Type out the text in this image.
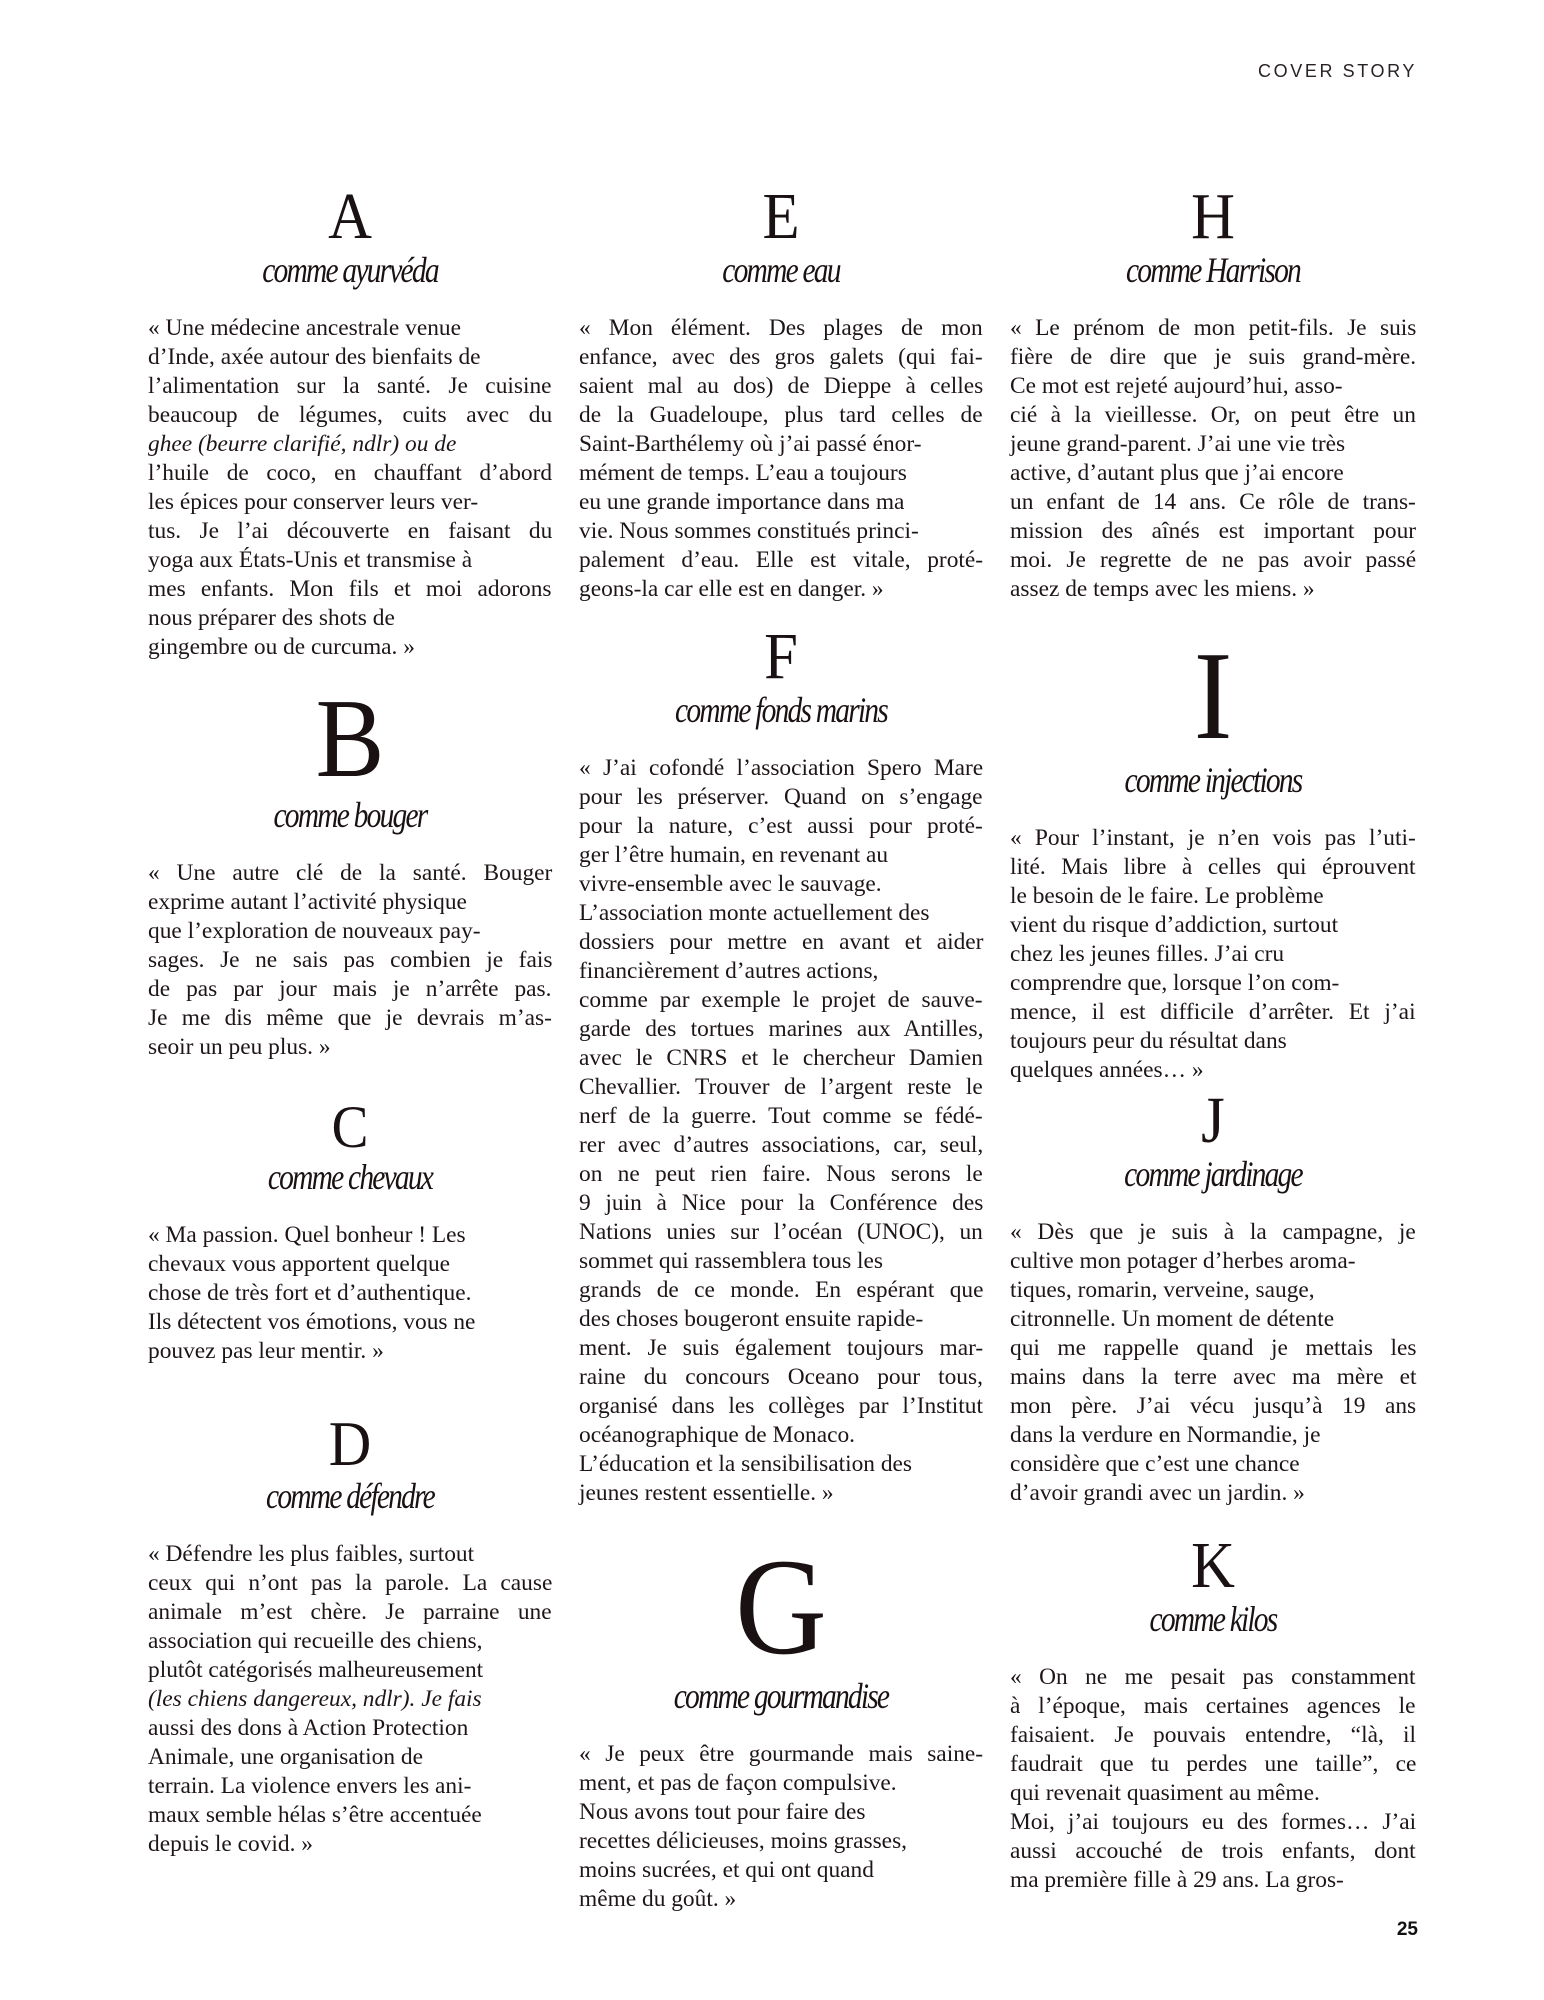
COVER STORY
A
comme ayurvéda
« Une médecine ancestrale venue
d’Inde, axée autour des bienfaits de
l’alimentation sur la santé. Je cuisine
beaucoup de légumes, cuits avec du
ghee (beurre clarifié, ndlr) ou de
l’huile de coco, en chauffant d’abord
les épices pour conserver leurs ver-
tus. Je l’ai découverte en faisant du
yoga aux États-Unis et transmise à
mes enfants. Mon fils et moi adorons
nous préparer des shots de
gingembre ou de curcuma. »
B
comme bouger
« Une autre clé de la santé. Bouger
exprime autant l’activité physique
que l’exploration de nouveaux pay-
sages. Je ne sais pas combien je fais
de pas par jour mais je n’arrête pas.
Je me dis même que je devrais m’as-
seoir un peu plus. »
C
comme chevaux
« Ma passion. Quel bonheur ! Les
chevaux vous apportent quelque
chose de très fort et d’authentique.
Ils détectent vos émotions, vous ne
pouvez pas leur mentir. »
D
comme défendre
« Défendre les plus faibles, surtout
ceux qui n’ont pas la parole. La cause
animale m’est chère. Je parraine une
association qui recueille des chiens,
plutôt catégorisés malheureusement
(les chiens dangereux, ndlr). Je fais
aussi des dons à Action Protection
Animale, une organisation de
terrain. La violence envers les ani-
maux semble hélas s’être accentuée
depuis le covid. »
E
comme eau
« Mon élément. Des plages de mon
enfance, avec des gros galets (qui fai-
saient mal au dos) de Dieppe à celles
de la Guadeloupe, plus tard celles de
Saint-Barthélemy où j’ai passé énor-
mément de temps. L’eau a toujours
eu une grande importance dans ma
vie. Nous sommes constitués princi-
palement d’eau. Elle est vitale, proté-
geons-la car elle est en danger. »
F
comme fonds marins
« J’ai cofondé l’association Spero Mare
pour les préserver. Quand on s’engage
pour la nature, c’est aussi pour proté-
ger l’être humain, en revenant au
vivre-ensemble avec le sauvage.
L’association monte actuellement des
dossiers pour mettre en avant et aider
financièrement d’autres actions,
comme par exemple le projet de sauve-
garde des tortues marines aux Antilles,
avec le CNRS et le chercheur Damien
Chevallier. Trouver de l’argent reste le
nerf de la guerre. Tout comme se fédé-
rer avec d’autres associations, car, seul,
on ne peut rien faire. Nous serons le
9 juin à Nice pour la Conférence des
Nations unies sur l’océan (UNOC), un
sommet qui rassemblera tous les
grands de ce monde. En espérant que
des choses bougeront ensuite rapide-
ment. Je suis également toujours mar-
raine du concours Oceano pour tous,
organisé dans les collèges par l’Institut
océanographique de Monaco.
L’éducation et la sensibilisation des
jeunes restent essentielle. »
G
comme gourmandise
« Je peux être gourmande mais saine-
ment, et pas de façon compulsive.
Nous avons tout pour faire des
recettes délicieuses, moins grasses,
moins sucrées, et qui ont quand
même du goût. »
H
comme Harrison
« Le prénom de mon petit-fils. Je suis
fière de dire que je suis grand-mère.
Ce mot est rejeté aujourd’hui, asso-
cié à la vieillesse. Or, on peut être un
jeune grand-parent. J’ai une vie très
active, d’autant plus que j’ai encore
un enfant de 14 ans. Ce rôle de trans-
mission des aînés est important pour
moi. Je regrette de ne pas avoir passé
assez de temps avec les miens. »
I
comme injections
« Pour l’instant, je n’en vois pas l’uti-
lité. Mais libre à celles qui éprouvent
le besoin de le faire. Le problème
vient du risque d’addiction, surtout
chez les jeunes filles. J’ai cru
comprendre que, lorsque l’on com-
mence, il est difficile d’arrêter. Et j’ai
toujours peur du résultat dans
quelques années… »
J
comme jardinage
« Dès que je suis à la campagne, je
cultive mon potager d’herbes aroma-
tiques, romarin, verveine, sauge,
citronnelle. Un moment de détente
qui me rappelle quand je mettais les
mains dans la terre avec ma mère et
mon père. J’ai vécu jusqu’à 19 ans
dans la verdure en Normandie, je
considère que c’est une chance
d’avoir grandi avec un jardin. »
K
comme kilos
« On ne me pesait pas constamment
à l’époque, mais certaines agences le
faisaient. Je pouvais entendre, “là, il
faudrait que tu perdes une taille”, ce
qui revenait quasiment au même.
Moi, j’ai toujours eu des formes… J’ai
aussi accouché de trois enfants, dont
ma première fille à 29 ans. La gros-
25
